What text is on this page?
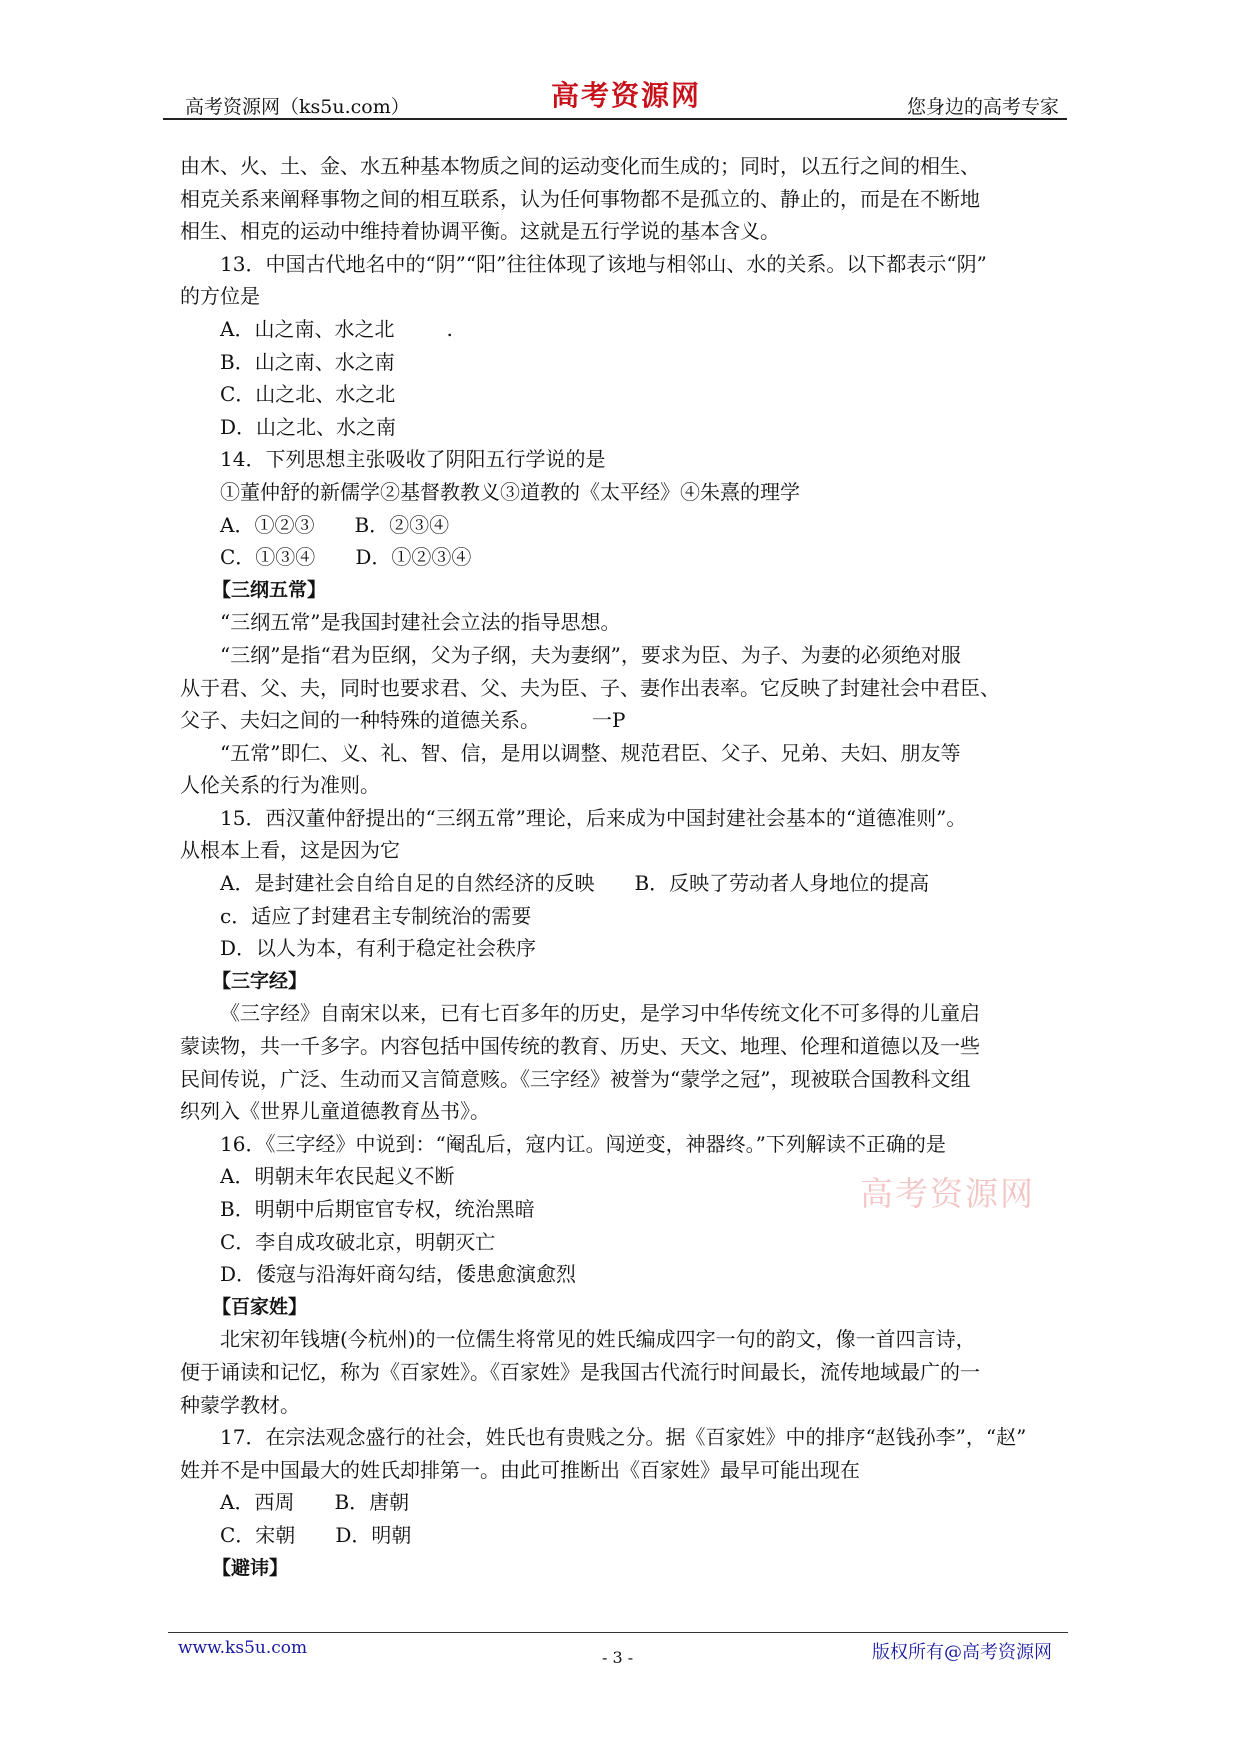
高考资源网（ks5u.com）	高考资源网	您身边的高考专家
由木、火、土、金、水五种基本物质之间的运动变化而生成的；同时，以五行之间的相生、
相克关系来阐释事物之间的相互联系，认为任何事物都不是孤立的、静止的，而是在不断地
相生、相克的运动中维持着协调平衡。这就是五行学说的基本含义。
13．中国古代地名中的“阴”“阳”往往体现了该地与相邻山、水的关系。以下都表示“阴”
的方位是
A．山之南、水之北	.
B．山之南、水之南
C．山之北、水之北
D．山之北、水之南
14．下列思想主张吸收了阴阳五行学说的是
①董仲舒的新儒学②基督教教义③道教的《太平经》④朱熹的理学
A．①②③ B．②③④
C．①③④ D．①②③④
【三纲五常】
“三纲五常”是我国封建社会立法的指导思想。
“三纲”是指“君为臣纲，父为子纲，夫为妻纲”，要求为臣、为子、为妻的必须绝对服
从于君、父、夫，同时也要求君、父、夫为臣、子、妻作出表率。它反映了封建社会中君臣、
父子、夫妇之间的一种特殊的道德关系。	一P
“五常”即仁、义、礼、智、信，是用以调整、规范君臣、父子、兄弟、夫妇、朋友等
人伦关系的行为准则。
15．西汉董仲舒提出的“三纲五常”理论，后来成为中国封建社会基本的“道德准则”。
从根本上看，这是因为它
A．是封建社会自给自足的自然经济的反映 B．反映了劳动者人身地位的提高
c．适应了封建君主专制统治的需要
D．以人为本，有利于稳定社会秩序
【三字经】
《三字经》自南宋以来，已有七百多年的历史，是学习中华传统文化不可多得的儿童启
蒙读物，共一千多字。内容包括中国传统的教育、历史、天文、地理、伦理和道德以及一些
民间传说，广泛、生动而又言简意赅。《三字经》被誉为“蒙学之冠”，现被联合国教科文组
织列入《世界儿童道德教育丛书》。
16．《三字经》中说到：“阉乱后，寇内讧。闯逆变，神器终。”下列解读不正确的是
A．明朝末年农民起义不断
B．明朝中后期宦官专权，统治黑暗
C．李自成攻破北京，明朝灭亡
D．倭寇与沿海奸商勾结，倭患愈演愈烈
【百家姓】
北宋初年钱塘(今杭州)的一位儒生将常见的姓氏编成四字一句的韵文，像一首四言诗，
便于诵读和记忆，称为《百家姓》。《百家姓》是我国古代流行时间最长，流传地域最广的一
种蒙学教材。
17．在宗法观念盛行的社会，姓氏也有贵贱之分。据《百家姓》中的排序“赵钱孙李”，“赵”
姓并不是中国最大的姓氏却排第一。由此可推断出《百家姓》最早可能出现在
A．西周 B．唐朝
C．宋朝 D．明朝
【避讳】
高考资源网
www.ks5u.com	- 3 -	版权所有@高考资源网
